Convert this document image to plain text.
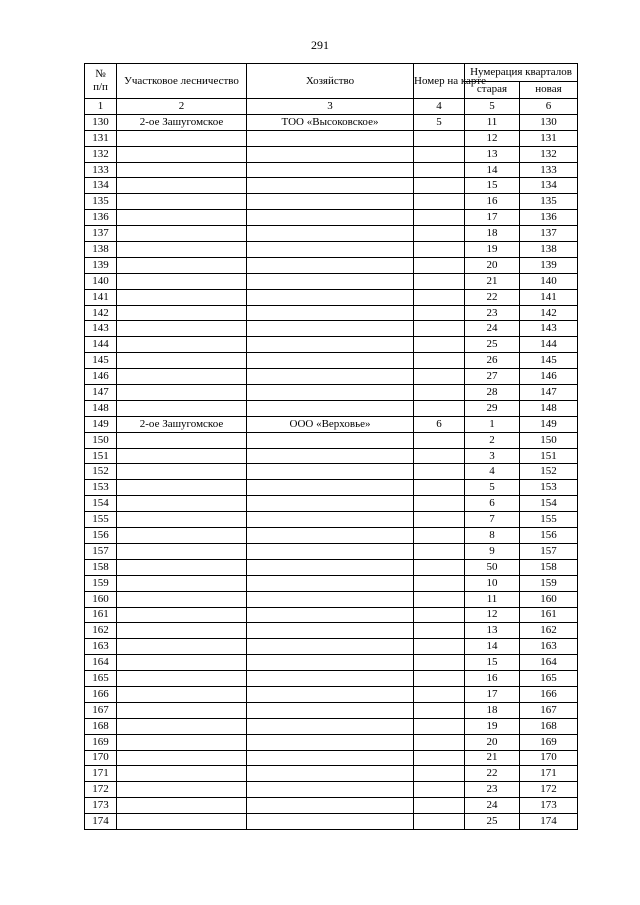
291
№
п/п	Участковое лесничество	Хозяйство	Номер на карте	Нумерация кварталов	
				старая	новая
1	2	3	4	5	6
130	2-ое Зашугомское	ТОО «Высоковское»	5	11	130
131				12	131
132				13	132
133				14	133
134				15	134
135				16	135
136				17	136
137				18	137
138				19	138
139				20	139
140				21	140
141				22	141
142				23	142
143				24	143
144				25	144
145				26	145
146				27	146
147				28	147
148				29	148
149	2-ое Зашугомское	ООО «Верховье»	6	1	149
150				2	150
151				3	151
152				4	152
153				5	153
154				6	154
155				7	155
156				8	156
157				9	157
158				50	158
159				10	159
160				11	160
161				12	161
162				13	162
163				14	163
164				15	164
165				16	165
166				17	166
167				18	167
168				19	168
169				20	169
170				21	170
171				22	171
172				23	172
173				24	173
174				25	174
